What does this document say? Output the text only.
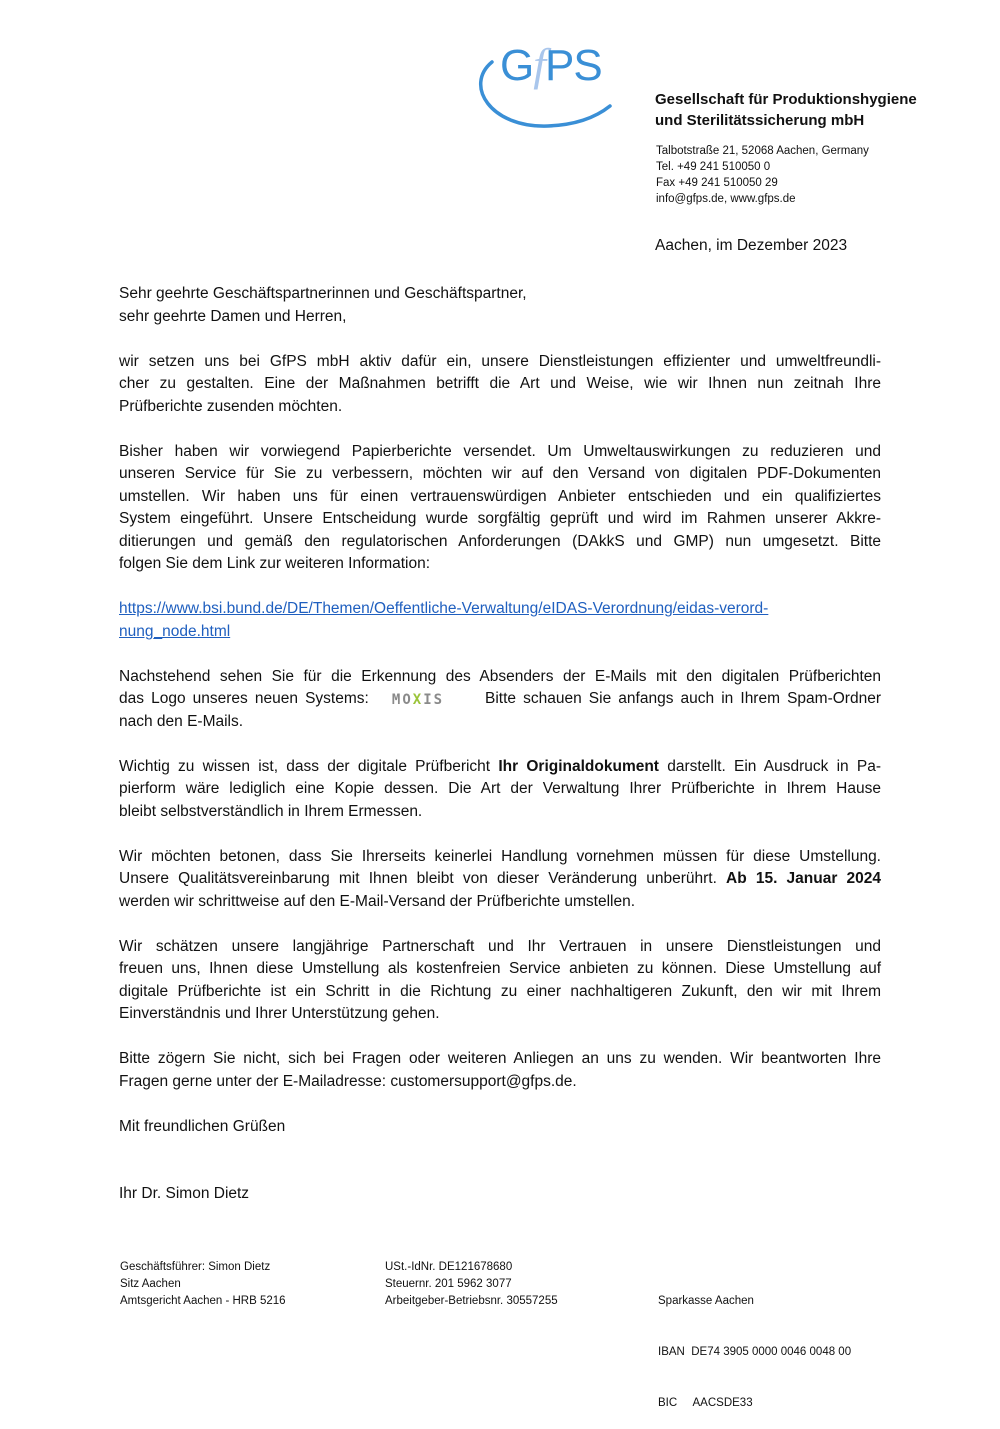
GfPS
Gesellschaft für Produktionshygiene
und Sterilitätssicherung mbH
Talbotstraße 21, 52068 Aachen, Germany
Tel. +49 241 510050 0
Fax +49 241 510050 29
info@gfps.de, www.gfps.de
Aachen, im Dezember 2023
Sehr geehrte Geschäftspartnerinnen und Geschäftspartner,
sehr geehrte Damen und Herren,
wir setzen uns bei GfPS mbH aktiv dafür ein, unsere Dienstleistungen effizienter und umweltfreundli-
cher zu gestalten. Eine der Maßnahmen betrifft die Art und Weise, wie wir Ihnen nun zeitnah Ihre
Prüfberichte zusenden möchten.
Bisher haben wir vorwiegend Papierberichte versendet. Um Umweltauswirkungen zu reduzieren und
unseren Service für Sie zu verbessern, möchten wir auf den Versand von digitalen PDF-Dokumenten
umstellen. Wir haben uns für einen vertrauenswürdigen Anbieter entschieden und ein qualifiziertes
System eingeführt. Unsere Entscheidung wurde sorgfältig geprüft und wird im Rahmen unserer Akkre-
ditierungen und gemäß den regulatorischen Anforderungen (DAkkS und GMP) nun umgesetzt. Bitte
folgen Sie dem Link zur weiteren Information:
https://www.bsi.bund.de/DE/Themen/Oeffentliche-Verwaltung/eIDAS-Verordnung/eidas-verord-
nung_node.html
Nachstehend sehen Sie für die Erkennung des Absenders der E-Mails mit den digitalen Prüfberichten
das Logo unseres neuen Systems: MOXIS	Bitte schauen Sie anfangs auch in Ihrem Spam-Ordner
nach den E-Mails.
Wichtig zu wissen ist, dass der digitale Prüfbericht Ihr Originaldokument darstellt. Ein Ausdruck in Pa-
pierform wäre lediglich eine Kopie dessen. Die Art der Verwaltung Ihrer Prüfberichte in Ihrem Hause
bleibt selbstverständlich in Ihrem Ermessen.
Wir möchten betonen, dass Sie Ihrerseits keinerlei Handlung vornehmen müssen für diese Umstellung.
Unsere Qualitätsvereinbarung mit Ihnen bleibt von dieser Veränderung unberührt. Ab 15. Januar 2024
werden wir schrittweise auf den E-Mail-Versand der Prüfberichte umstellen.
Wir schätzen unsere langjährige Partnerschaft und Ihr Vertrauen in unsere Dienstleistungen und
freuen uns, Ihnen diese Umstellung als kostenfreien Service anbieten zu können. Diese Umstellung auf
digitale Prüfberichte ist ein Schritt in die Richtung zu einer nachhaltigeren Zukunft, den wir mit Ihrem
Einverständnis und Ihrer Unterstützung gehen.
Bitte zögern Sie nicht, sich bei Fragen oder weiteren Anliegen an uns zu wenden. Wir beantworten Ihre
Fragen gerne unter der E-Mailadresse: customersupport@gfps.de.
Mit freundlichen Grüßen
Ihr Dr. Simon Dietz
Geschäftsführer: Simon Dietz
Sitz Aachen
Amtsgericht Aachen - HRB 5216
USt.-IdNr. DE121678680
Steuernr. 201 5962 3077
Arbeitgeber-Betriebsnr. 30557255

	Sparkasse Aachen

IBAN  DE74 3905 0000 0046 0048 00

BIC     AACSDE33
